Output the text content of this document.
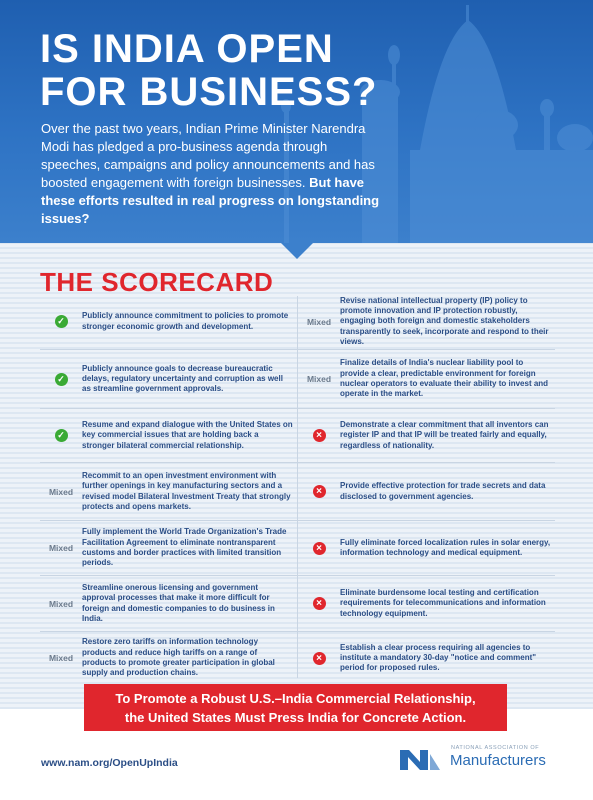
IS INDIA OPEN
FOR BUSINESS?

Over the past two years, Indian Prime Minister Narendra Modi has pledged a pro-business agenda through speeches, campaigns and policy announcements and has boosted engagement with foreign businesses. But have these efforts resulted in real progress on longstanding issues?

THE SCORECARD
✓
Publicly announce commitment to policies to promote stronger economic growth and development.
✓
Publicly announce goals to decrease bureaucratic delays, regulatory uncertainty and corruption as well as streamline government approvals.
✓
Resume and expand dialogue with the United States on key commercial issues that are holding back a stronger bilateral commercial relationship.
Mixed
Recommit to an open investment environment with further openings in key manufacturing sectors and a revised model Bilateral Investment Treaty that strongly protects and opens markets.
Mixed
Fully implement the World Trade Organization's Trade Facilitation Agreement to eliminate nontransparent customs and border practices with limited transition periods.
Mixed
Streamline onerous licensing and government approval processes that make it more difficult for foreign and domestic companies to do business in India.
Mixed
Restore zero tariffs on information technology products and reduce high tariffs on a range of products to promote greater participation in global supply and production chains.
Mixed
Revise national intellectual property (IP) policy to promote innovation and IP protection robustly, engaging both foreign and domestic stakeholders transparently to seek, incorporate and respond to their views.
Mixed
Finalize details of India's nuclear liability pool to provide a clear, predictable environment for foreign nuclear operators to evaluate their ability to invest and operate in the market.
×
Demonstrate a clear commitment that all inventors can register IP and that IP will be treated fairly and equally, regardless of nationality.
×
Provide effective protection for trade secrets and data disclosed to government agencies.
×
Fully eliminate forced localization rules in solar energy, information technology and medical equipment.
×
Eliminate burdensome local testing and certification requirements for telecommunications and information technology equipment.
×
Establish a clear process requiring all agencies to institute a mandatory 30-day "notice and comment" period for proposed rules.
To Promote a Robust U.S.–India Commercial Relationship,
the United States Must Press India for Concrete Action.
www.nam.org/OpenUpIndia
NATIONAL ASSOCIATION OF
Manufacturers
